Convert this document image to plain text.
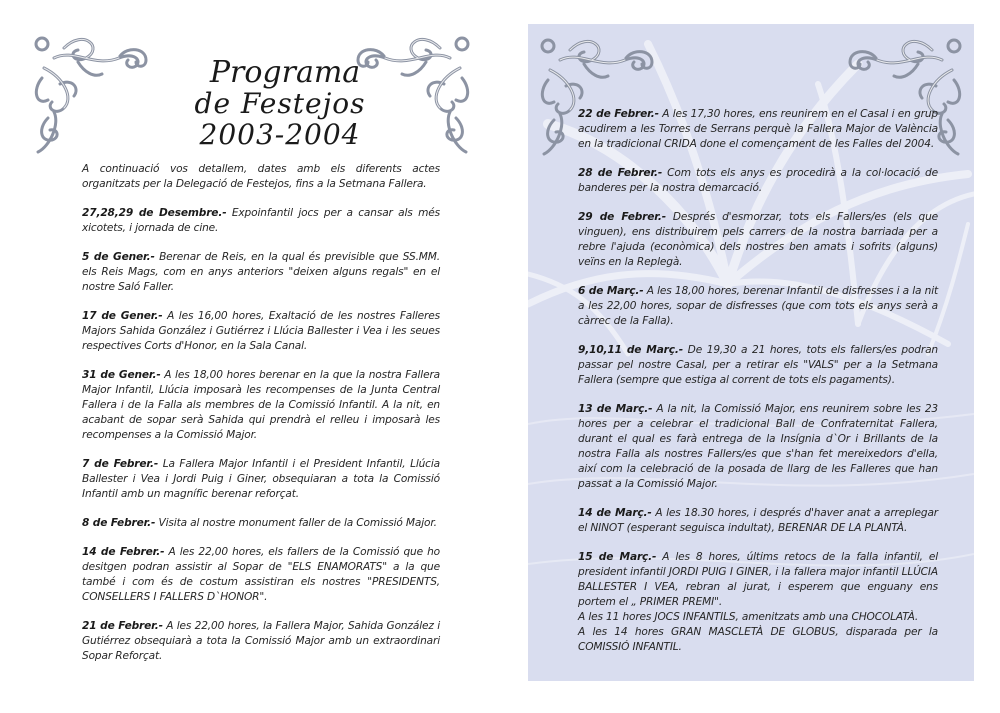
Programa
de Festejos 2003-2004

A continuació vos detallem, dates amb els diferents actes organitzats per la Delegació de Festejos, fins a la Setmana Fallera.

27,28,29 de Desembre.- Expoinfantil jocs per a cansar als més xicotets, i jornada de cine.

5 de Gener.- Berenar de Reis, en la qual és previsible que SS.MM. els Reis Mags, com en anys anteriors "deixen alguns regals" en el nostre Saló Faller.

17 de Gener.- A les 16,00 hores, Exaltació de les nostres Falleres Majors Sahida González i Gutiérrez i Llúcia Ballester i Vea i les seues respectives Corts d'Honor, en la Sala Canal.

31 de Gener.- A les 18,00 hores berenar en la que la nostra Fallera Major Infantil, Llúcia imposarà les recompenses de la Junta Central Fallera i de la Falla als membres de la Comissió Infantil. A la nit, en acabant de sopar serà Sahida qui prendrà el relleu i imposarà les recompenses a la Comissió Major.

7 de Febrer.- La Fallera Major Infantil i el President Infantil, Llúcia Ballester i Vea i Jordi Puig i Giner, obsequiaran a tota la Comissió Infantil amb un magnífic berenar reforçat.

8 de Febrer.- Visita al nostre monument faller de la Comissió Major.

14 de Febrer.- A les 22,00 hores, els fallers de la Comissió que ho desitgen podran assistir al Sopar de "ELS ENAMORATS" a la que també i com és de costum assistiran els nostres "PRESIDENTS, CONSELLERS I FALLERS D`HONOR".

21 de Febrer.- A les 22,00 hores, la Fallera Major, Sahida González i Gutiérrez obsequiarà a tota la Comissió Major amb un extraordinari Sopar Reforçat.

22 de Febrer.- A les 17,30 hores, ens reunirem en el Casal i en grup acudirem a les Torres de Serrans perquè la Fallera Major de València en la tradicional CRIDA done el començament de les Falles del 2004.

28 de Febrer.- Com tots els anys es procedirà a la col·locació de banderes per la nostra demarcació.

29 de Febrer.- Després d'esmorzar, tots els Fallers/es (els que vinguen), ens distribuirem pels carrers de la nostra barriada per a rebre l'ajuda (econòmica) dels nostres ben amats i sofrits (alguns) veïns en la Replegà.

6 de Març.- A les 18,00 hores, berenar Infantil de disfresses i a la nit a les 22,00 hores, sopar de disfresses (que com tots els anys serà a càrrec de la Falla).

9,10,11 de Març.- De 19,30 a 21 hores, tots els fallers/es podran passar pel nostre Casal, per a retirar els "VALS" per a la Setmana Fallera (sempre que estiga al corrent de tots els pagaments).

13 de Març.- A la nit, la Comissió Major, ens reunirem sobre les 23 hores per a celebrar el tradicional Ball de Confraternitat Fallera, durant el qual es farà entrega de la Insígnia d`Or i Brillants de la nostra Falla als nostres Fallers/es que s'han fet mereixedors d'ella, així com la celebració de la posada de llarg de les Falleres que han passat a la Comissió Major.

14 de Març.- A les 18.30 hores, i després d'haver anat a arreplegar el NINOT (esperant seguisca indultat), BERENAR DE LA PLANTÀ.

15 de Març.- A les 8 hores, últims retocs de la falla infantil, el president infantil JORDI PUIG I GINER, i la fallera major infantil LLÚCIA BALLESTER I VEA, rebran al jurat, i esperem que enguany ens portem el „ PRIMER PREMI".
A les 11 hores JOCS INFANTILS, amenitzats amb una CHOCOLATÀ.
A les 14 hores GRAN MASCLETÀ DE GLOBUS, disparada per la COMISSIÓ INFANTIL.
